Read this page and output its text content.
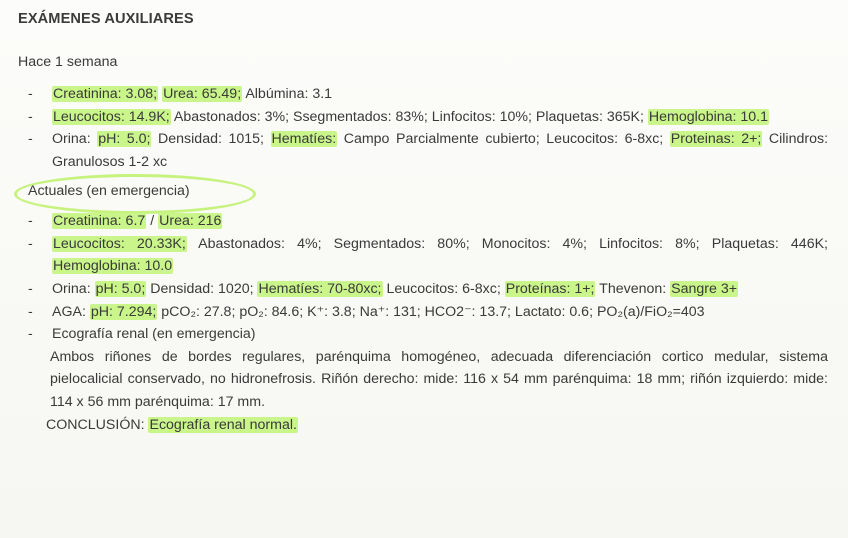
EXÁMENES AUXILIARES
Hace 1 semana
- Creatinina: 3.08; Urea: 65.49; Albúmina: 3.1
- Leucocitos: 14.9K; Abastonados: 3%; Ssegmentados: 83%; Linfocitos: 10%; Plaquetas: 365K; Hemoglobina: 10.1
- Orina: pH: 5.0; Densidad: 1015; Hematíes: Campo Parcialmente cubierto; Leucocitos: 6-8xc; Proteinas: 2+; Cilindros: Granulosos 1-2 xc
Actuales (en emergencia)
- Creatinina: 6.7 / Urea: 216
- Leucocitos: 20.33K; Abastonados: 4%; Segmentados: 80%; Monocitos: 4%; Linfocitos: 8%; Plaquetas: 446K; Hemoglobina: 10.0
- Orina: pH: 5.0; Densidad: 1020; Hematíes: 70-80xc; Leucocitos: 6-8xc; Proteínas: 1+; Thevenon: Sangre 3+
- AGA: pH: 7.294; pCO₂: 27.8; pO₂: 84.6; K⁺: 3.8; Na⁺: 131; HCO2⁻: 13.7; Lactato: 0.6; PO₂(a)/FiO₂=403
- Ecografía renal (en emergencia)
Ambos riñones de bordes regulares, parénquima homogéneo, adecuada diferenciación cortico medular, sistema pielocalicial conservado, no hidronefrosis. Riñón derecho: mide: 116 x 54 mm parénquima: 18 mm; riñón izquierdo: mide: 114 x 56 mm parénquima: 17 mm.
CONCLUSIÓN: Ecografía renal normal.
